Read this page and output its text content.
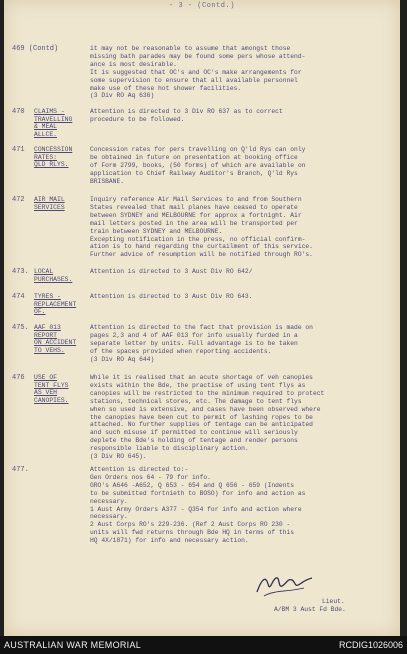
- 3 - (Contd.)
469 (Contd)	it may not be reasonable to assume that amongst those
missing bath parades may be found some pers whose attend-
ance is most desirable.
It is suggested that OC's and OC's make arrangements for
some supervision to ensure that all available personnel
make use of these hot shower facilities.
(3 Div RO Aq 636)
470 CLAIMS -
TRAVELLING
& MEAL
ALLCE.
Attention is directed to 3 Div RO 637 as to correct
procedure to be followed.
471 CONCESSION
RATES:
QLD RLYS.
Concession rates for pers travelling on Q'ld Rys can only
be obtained in future on presentation at booking office
of Form 2799, books, (50 forms) of which are available on
application to Chief Railway Auditor's Branch, Q'ld Rys
BRISBANE.
472 AIR MAIL
SERVICES
Inquiry reference Air Mail Services to and from Southern
States revealed that mail planes have ceased to operate
between SYDNEY and MELBOURNE for approx a fortnight. Air
mail letters posted in the area will be transported per
train between SYDNEY and MELBOURNE.
Excepting notification in the press, no official confirm-
ation is to hand regarding the curtailment of this service.
Further advice of resumption will be notified through RO's.
473. LOCAL
PURCHASES.
Attention is directed to 3 Aust Div RO 642/
474 TYRES -
REPLACEMENT
OF.
Attention is directed to 3 Aust Div RO 643.
475. AAF 013
REPORT
ON ACCIDENT
TO VEHS.
Attention is directed to the fact that provision is made on
pages 2,3 and 4 of AAF 013 for info usually furded in a
separate letter by units. Full advantage is to be taken
of the spaces provided when reporting accidents.
(3 Div RO Aq 644)
476 USE OF
TENT FLYS
AS VEH
CANOPIES.
While it is realised that an acute shortage of veh canopies
exists within the Bde, the practise of using tent flys as
canopies will be restricted to the minimum required to protect
stations, technical stores, etc. The damage to tent flys
when so used is extensive, and cases have been observed where
the canopies have been cut to permit of lashing ropes to be
attached. No further supplies of tentage can be anticipated
and such misuse if permitted to continue will seriously
deplete the Bde's holding of tentage and render persons
responsible liable to disciplinary action.
(3 Div RO 645).
477.	Attention is directed to:-
Gen Orders nos 64 - 79 for info.
GRO's A646 -A652, Q 653 - 654 and Q 656 - 659 (Indents
to be submitted fortnieth to BOSO) for info and action as
necessary.
1 Aust Army Orders A377 - Q354 for info and action where
necessary.
2 Aust Corps RO's 229-236. (Ref 2 Aust Corps RO 230 -
units will fwd returns through Bde HQ in terms of this
HQ 4X/1871) for info and necessary action.
Lieut.
A/BM 3 Aust Fd Bde.
AUSTRALIAN WAR MEMORIAL	RCDIG1026006
